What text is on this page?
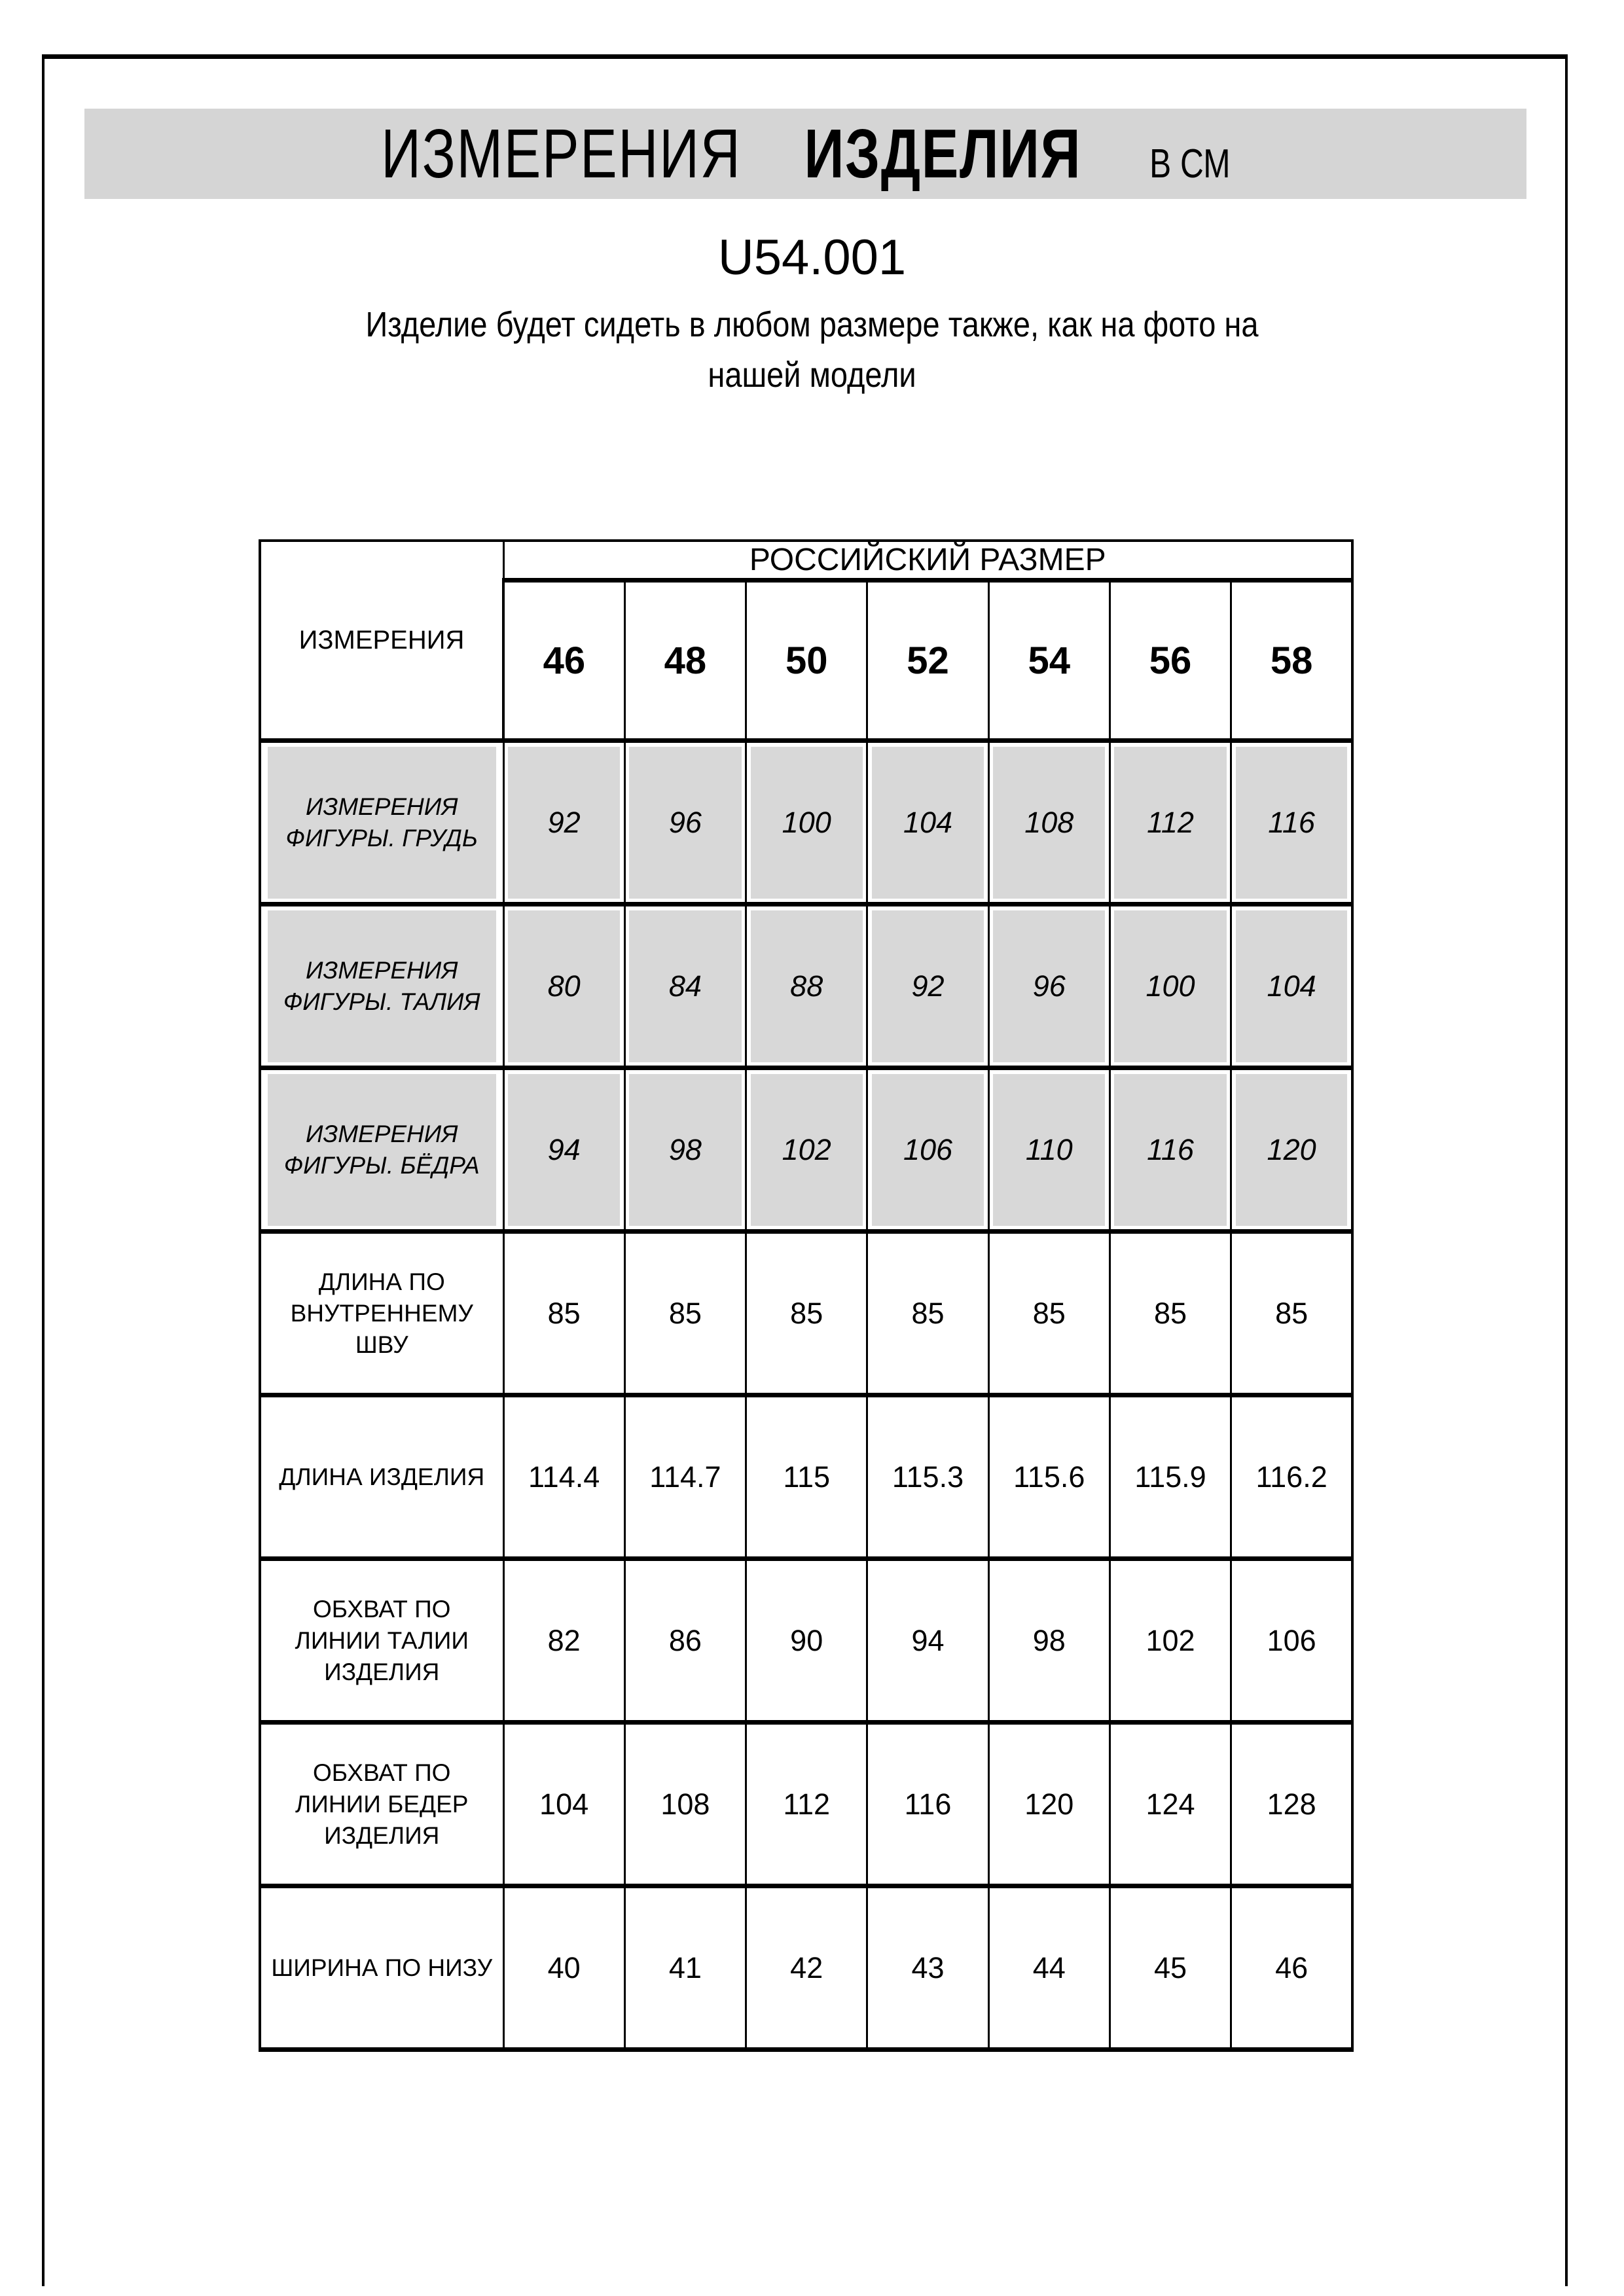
ИЗМЕРЕНИЯ ИЗДЕЛИЯ В СМ
U54.001
Изделие будет сидеть в любом размере также, как на фото на
нашей модели
ИЗМЕРЕНИЯ	РОССИЙСКИЙ РАЗМЕР						
	46	48	50	52	54	56	58
ИЗМЕРЕНИЯ ФИГУРЫ. ГРУДЬ	92	96	100	104	108	112	116
ИЗМЕРЕНИЯ ФИГУРЫ. ТАЛИЯ	80	84	88	92	96	100	104
ИЗМЕРЕНИЯ ФИГУРЫ. БЁДРА	94	98	102	106	110	116	120
ДЛИНА ПО ВНУТРЕННЕМУ ШВУ	85	85	85	85	85	85	85
ДЛИНА ИЗДЕЛИЯ	114.4	114.7	115	115.3	115.6	115.9	116.2
ОБХВАТ ПО ЛИНИИ ТАЛИИ ИЗДЕЛИЯ	82	86	90	94	98	102	106
ОБХВАТ ПО ЛИНИИ БЕДЕР ИЗДЕЛИЯ	104	108	112	116	120	124	128
ШИРИНА ПО НИЗУ	40	41	42	43	44	45	46
